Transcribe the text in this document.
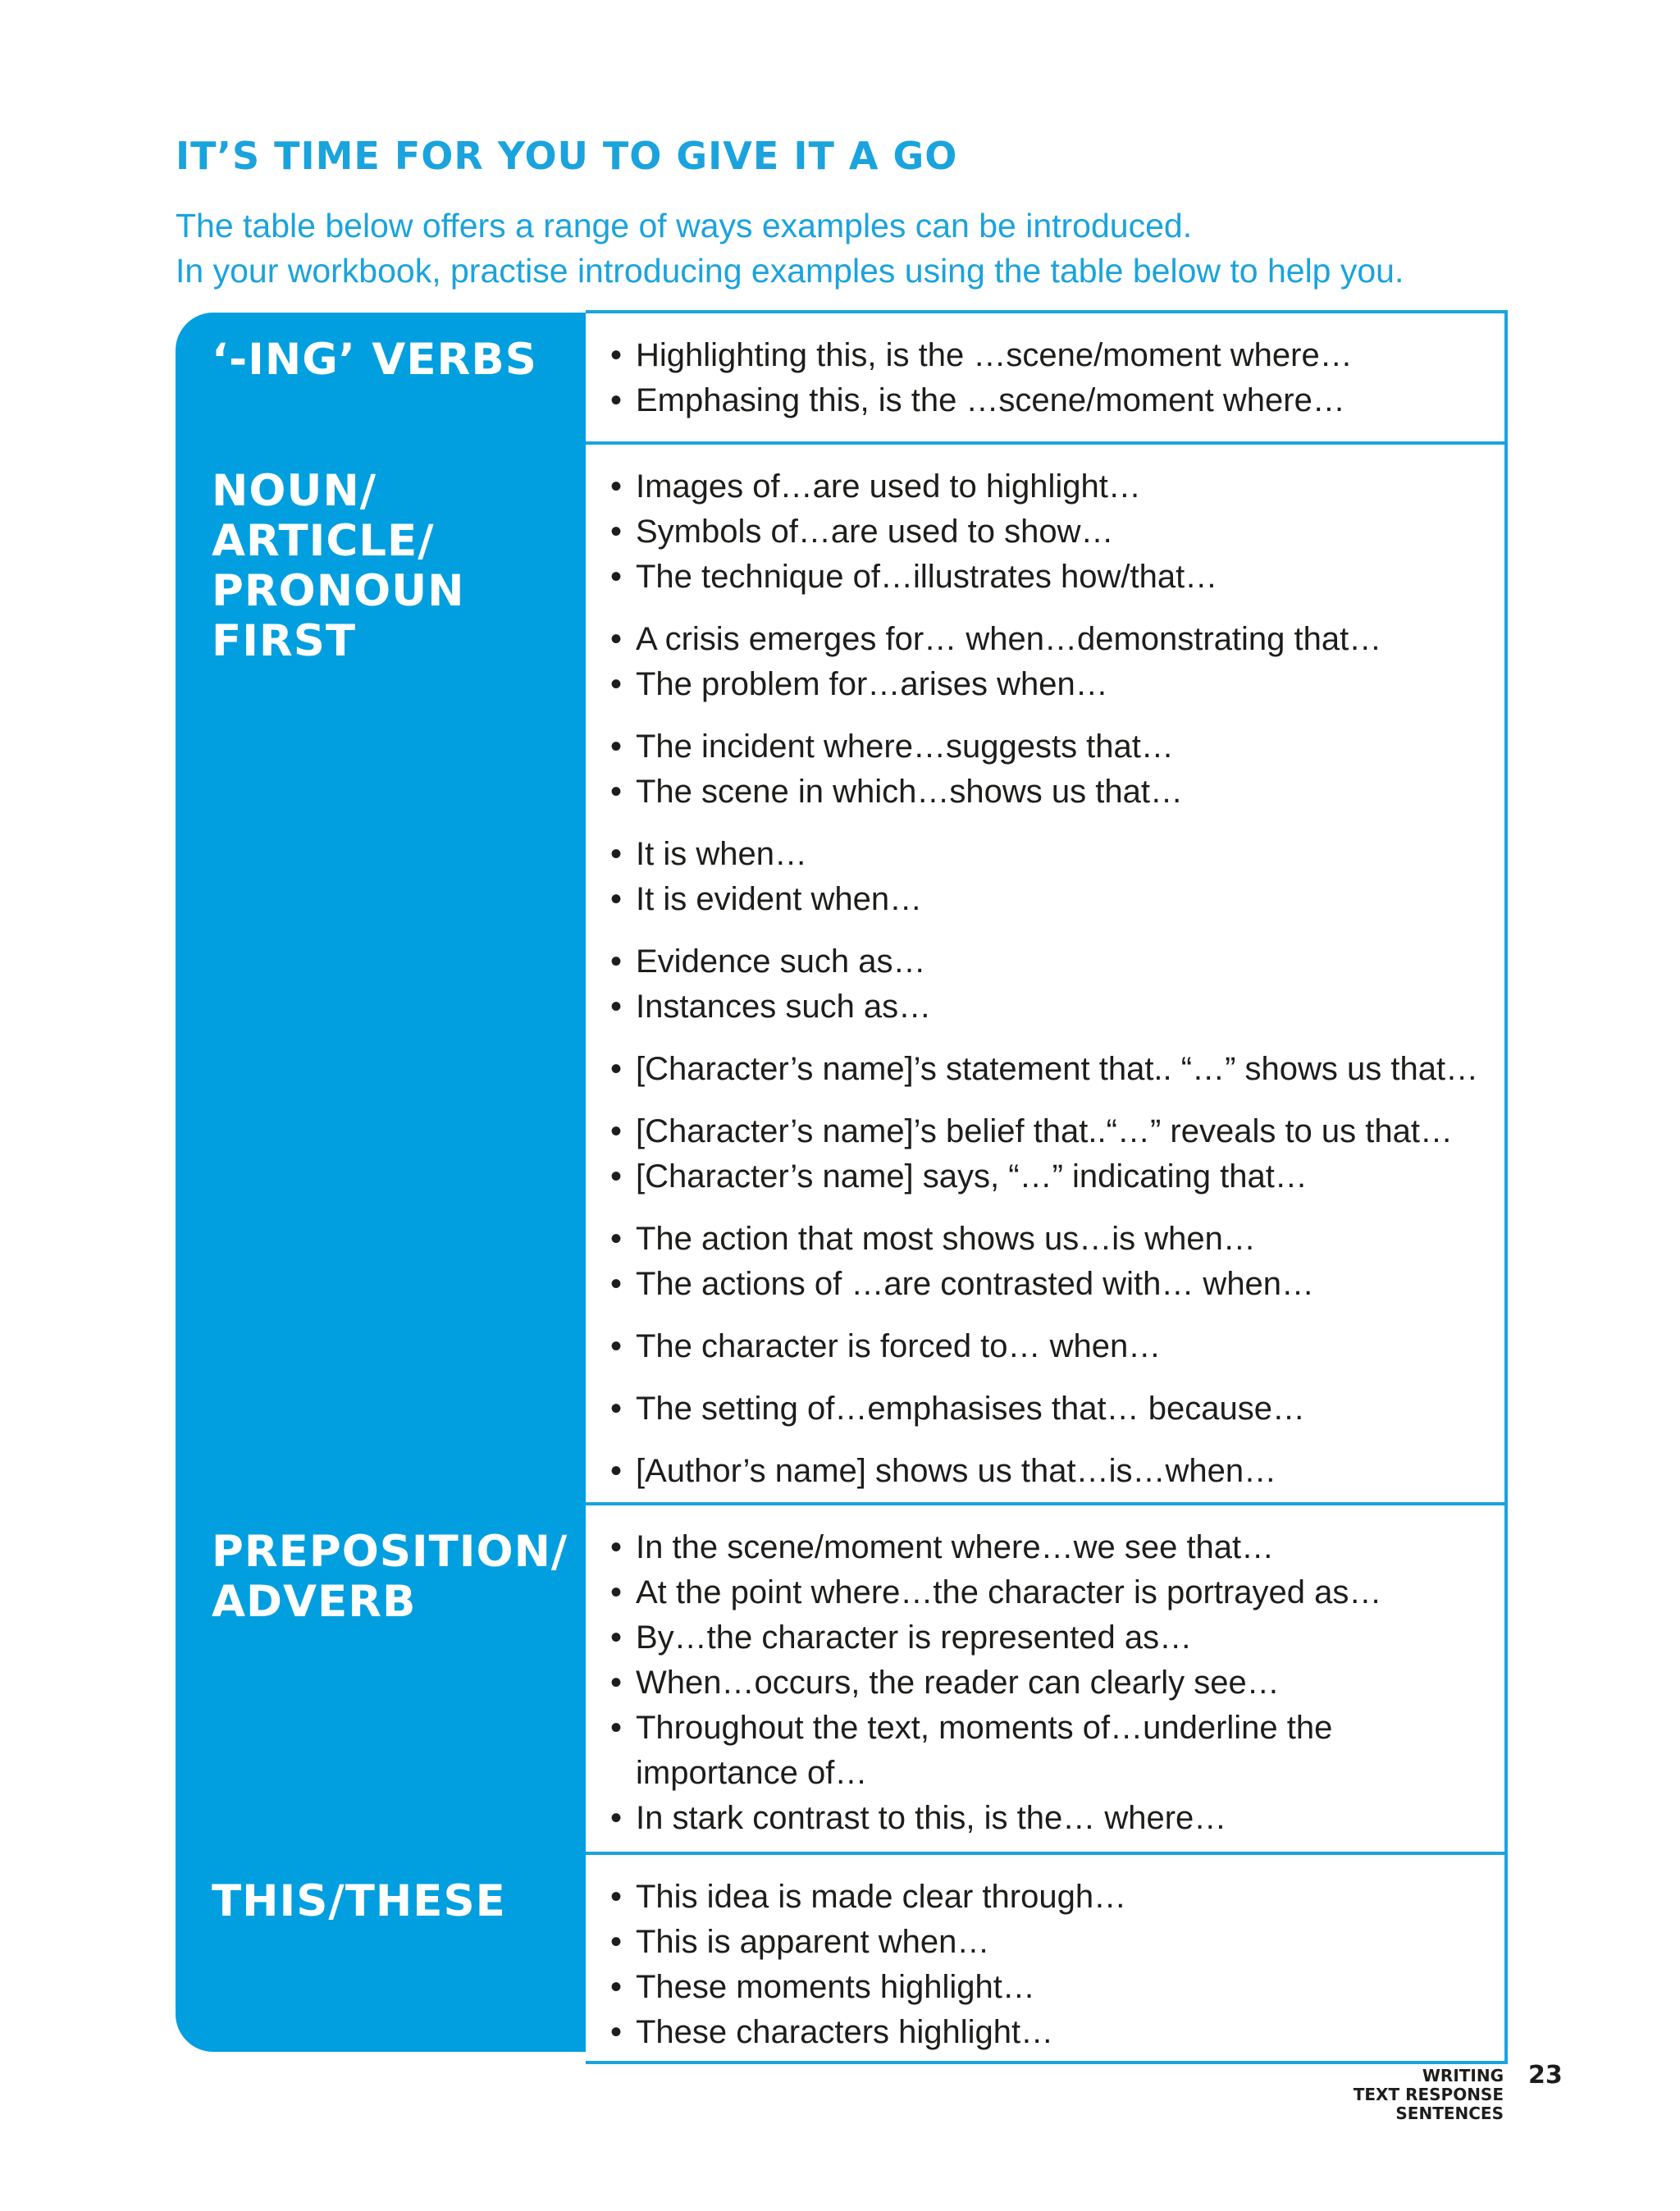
IT’S TIME FOR YOU TO GIVE IT A GO
The table below offers a range of ways examples can be introduced.
In your workbook, practise introducing examples using the table below to help you.
‘-ING’ VERBS	• Highlighting this, is the …scene/moment where…
• Emphasing this, is the …scene/moment where…
NOUN/ ARTICLE/ PRONOUN FIRST
• Images of…are used to highlight…
• Symbols of…are used to show…
• The technique of…illustrates how/that…
• A crisis emerges for… when…demonstrating that…
• The problem for…arises when…
• The incident where…suggests that…
• The scene in which…shows us that…
• It is when…
• It is evident when…
• Evidence such as…
• Instances such as…
• [Character’s name]’s statement that.. “…” shows us that…
• [Character’s name]’s belief that..“…” reveals to us that…
• [Character’s name] says, “…” indicating that…
• The action that most shows us…is when…
• The actions of …are contrasted with… when…
• The character is forced to… when…
• The setting of…emphasises that… because…
• [Author’s name] shows us that…is…when…
PREPOSITION/ ADVERB
• In the scene/moment where…we see that…
• At the point where…the character is portrayed as…
• By…the character is represented as…
• When…occurs, the reader can clearly see…
• Throughout the text, moments of…underline the importance of…
• In stark contrast to this, is the… where…
THIS/THESE	• This idea is made clear through…
• This is apparent when…
• These moments highlight…
• These characters highlight…
WRITING
TEXT RESPONSE
SENTENCES
23
